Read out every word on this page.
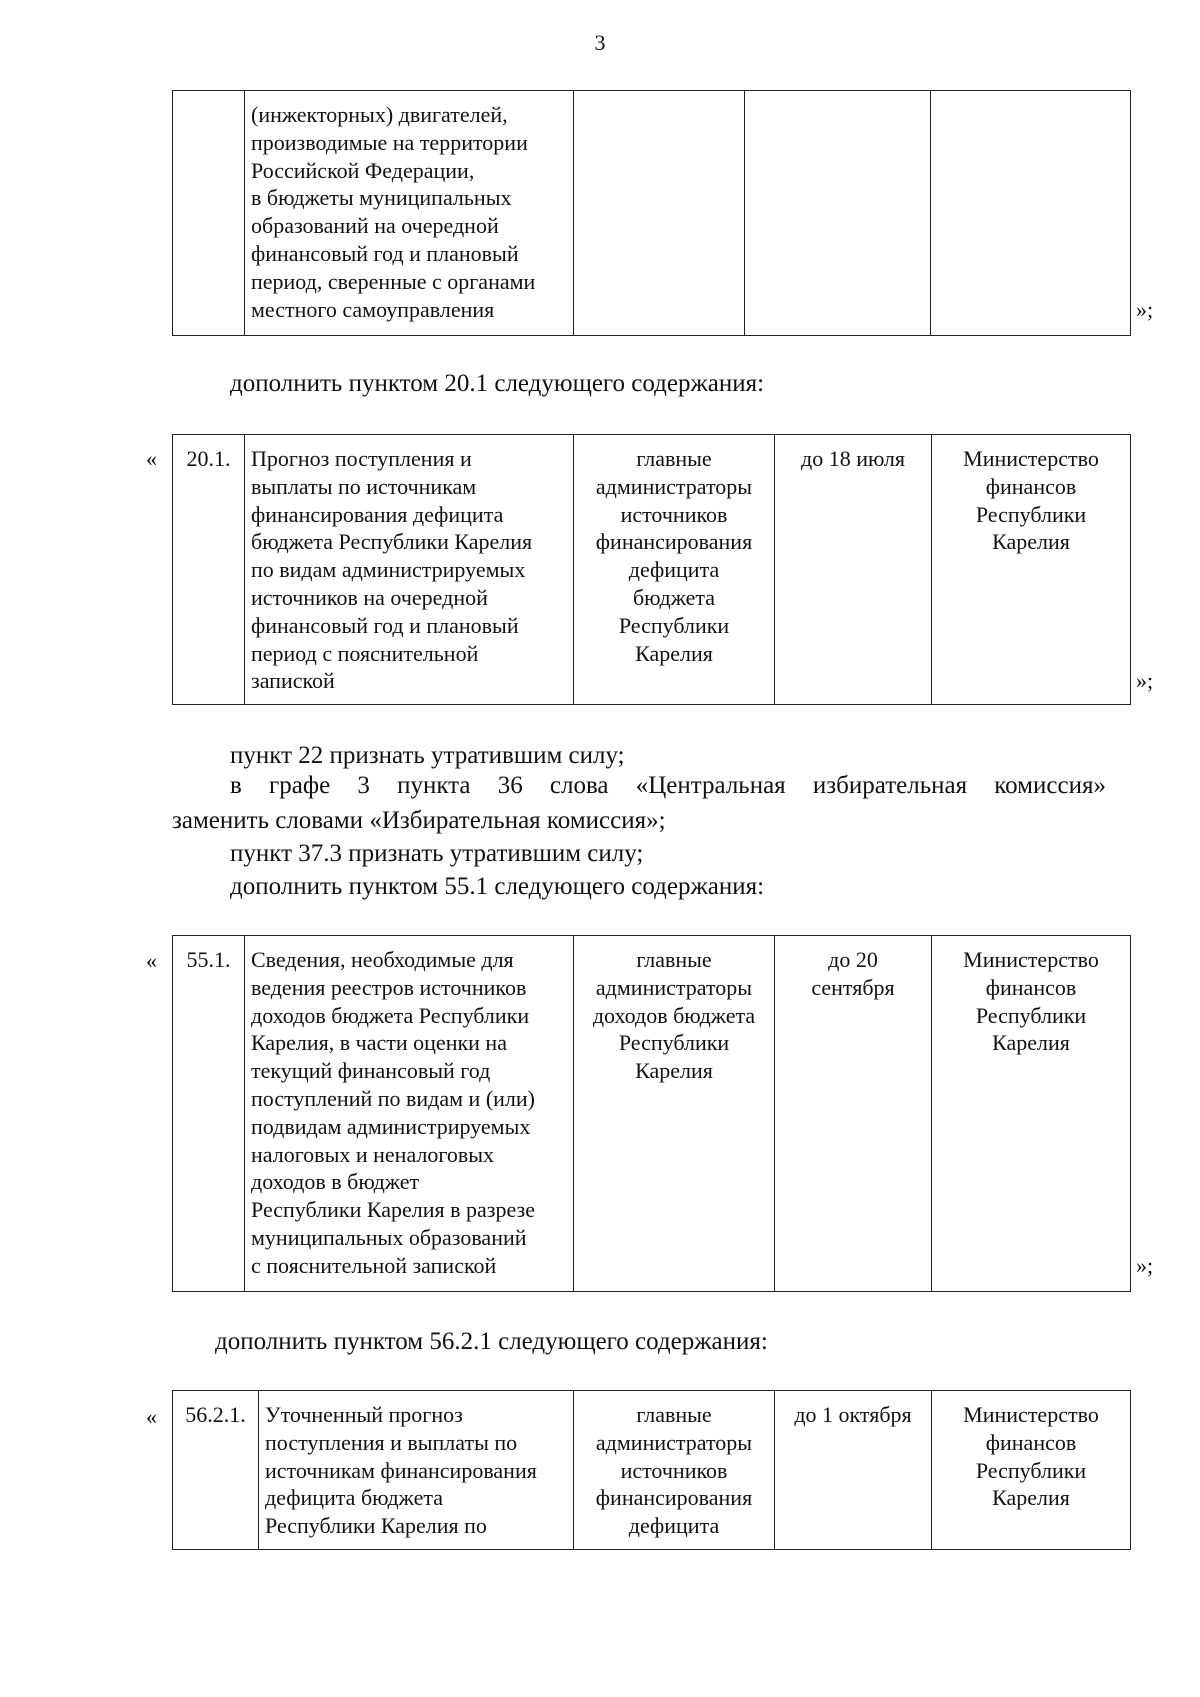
3
	(инжекторных) двигателей,
производимые на территории
Российской Федерации,
в бюджеты муниципальных
образований на очередной
финансовый год и плановый
период, сверенные с органами
местного самоуправления				»;
дополнить пунктом 20.1 следующего содержания:
« 20.1.	Прогноз поступления и
выплаты по источникам
финансирования дефицита
бюджета Республики Карелия
по видам администрируемых
источников на очередной
финансовый год и плановый
период с пояснительной
запиской	главные
администраторы
источников
финансирования
дефицита
бюджета
Республики
Карелия	до 18 июля	Министерство
финансов
Республики
Карелия
»;
пункт 22 признать утратившим силу;
в графе 3 пункта 36 слова «Центральная избирательная комиссия»
заменить словами «Избирательная комиссия»;
пункт 37.3 признать утратившим силу;
дополнить пунктом 55.1 следующего содержания:
« 55.1.	Сведения, необходимые для
ведения реестров источников
доходов бюджета Республики
Карелия, в части оценки на
текущий финансовый год
поступлений по видам и (или)
подвидам администрируемых
налоговых и неналоговых
доходов в бюджет
Республики Карелия в разрезе
муниципальных образований
с пояснительной запиской	главные
администраторы
доходов бюджета
Республики
Карелия	до 20
сентября	Министерство
финансов
Республики
Карелия
»;
дополнить пунктом 56.2.1 следующего содержания:
« 56.2.1.	Уточненный прогноз
поступления и выплаты по
источникам финансирования
дефицита бюджета
Республики Карелия по	главные
администраторы
источников
финансирования
дефицита	до 1 октября	Министерство
финансов
Республики
Карелия
